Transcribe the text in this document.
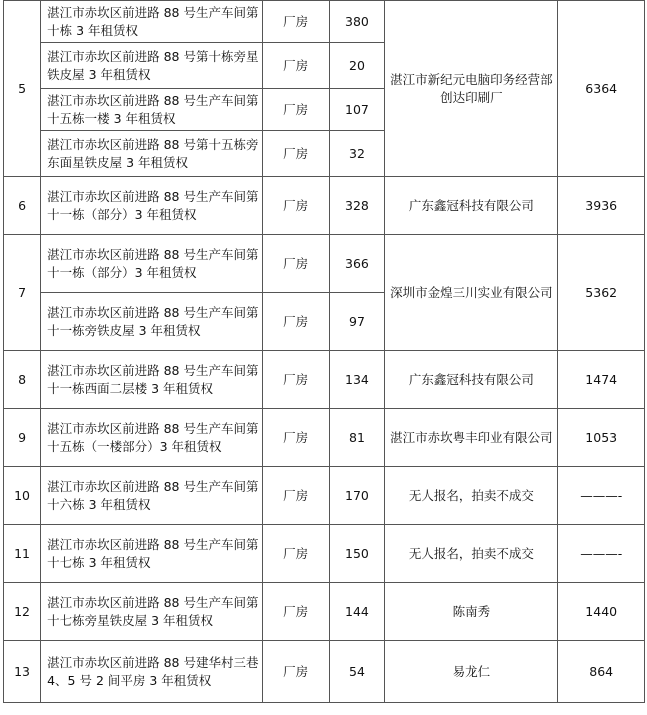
5	湛江市赤坎区前进路 88 号生产车间第十栋 3 年租赁权	厂房	380	湛江市新纪元电脑印务经营部创达印刷厂	6364
	湛江市赤坎区前进路 88 号第十栋旁星铁皮屋 3 年租赁权	厂房	20		
	湛江市赤坎区前进路 88 号生产车间第十五栋一楼 3 年租赁权	厂房	107		
	湛江市赤坎区前进路 88 号第十五栋旁东面星铁皮屋 3 年租赁权	厂房	32		
6	湛江市赤坎区前进路 88 号生产车间第十一栋（部分）3 年租赁权	厂房	328	广东鑫冠科技有限公司	3936
7	湛江市赤坎区前进路 88 号生产车间第十一栋（部分）3 年租赁权	厂房	366	深圳市金煌三川实业有限公司	5362
	湛江市赤坎区前进路 88 号生产车间第十一栋旁铁皮屋 3 年租赁权	厂房	97		
8	湛江市赤坎区前进路 88 号生产车间第十一栋西面二层楼 3 年租赁权	厂房	134	广东鑫冠科技有限公司	1474
9	湛江市赤坎区前进路 88 号生产车间第十五栋（一楼部分）3 年租赁权	厂房	81	湛江市赤坎粤丰印业有限公司	1053
10	湛江市赤坎区前进路 88 号生产车间第十六栋 3 年租赁权	厂房	170	无人报名，拍卖不成交	———-
11	湛江市赤坎区前进路 88 号生产车间第十七栋 3 年租赁权	厂房	150	无人报名，拍卖不成交	———-
12	湛江市赤坎区前进路 88 号生产车间第十七栋旁星铁皮屋 3 年租赁权	厂房	144	陈南秀	1440
13	湛江市赤坎区前进路 88 号建华村三巷 4、5 号 2 间平房 3 年租赁权	厂房	54	易龙仁	864
